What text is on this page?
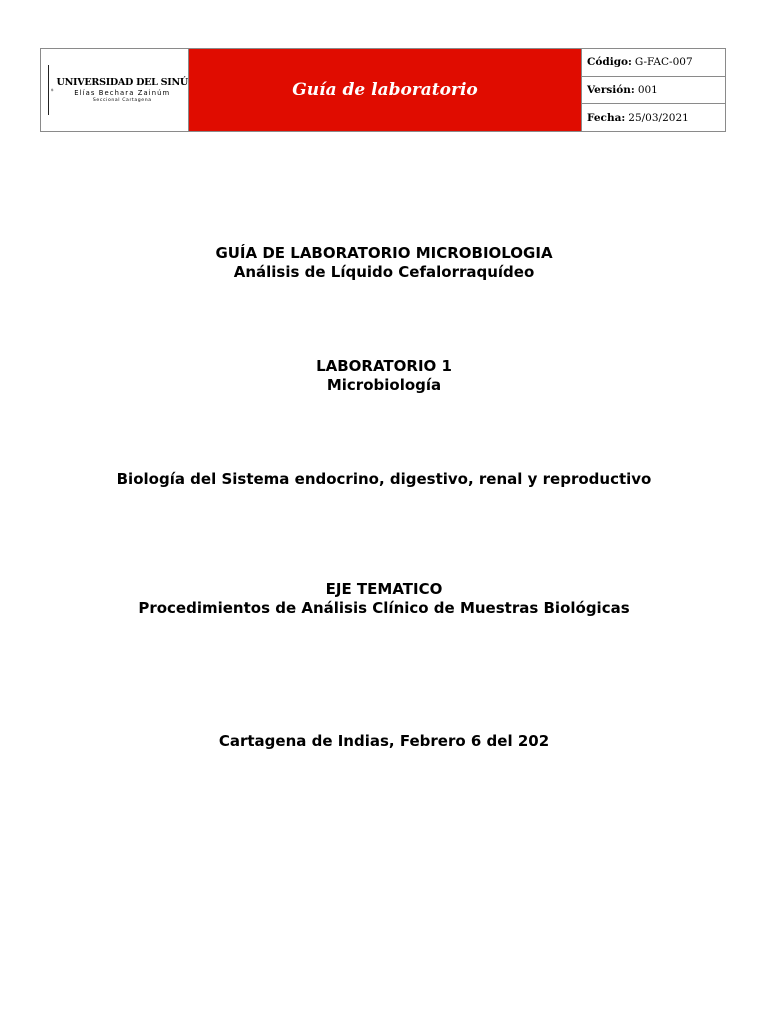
UNIVERSIDAD DEL SINÚ
Elías Bechara Zainúm
Seccional Cartagena
Guía de laboratorio
Código: G-FAC-007
Versión: 001
Fecha: 25/03/2021
GUÍA DE LABORATORIO MICROBIOLOGIA
Análisis de Líquido Cefalorraquídeo
LABORATORIO 1
Microbiología
Biología del Sistema endocrino, digestivo, renal y reproductivo
EJE TEMATICO
Procedimientos de Análisis Clínico de Muestras Biológicas
Cartagena de Indias, Febrero 6 del 202
